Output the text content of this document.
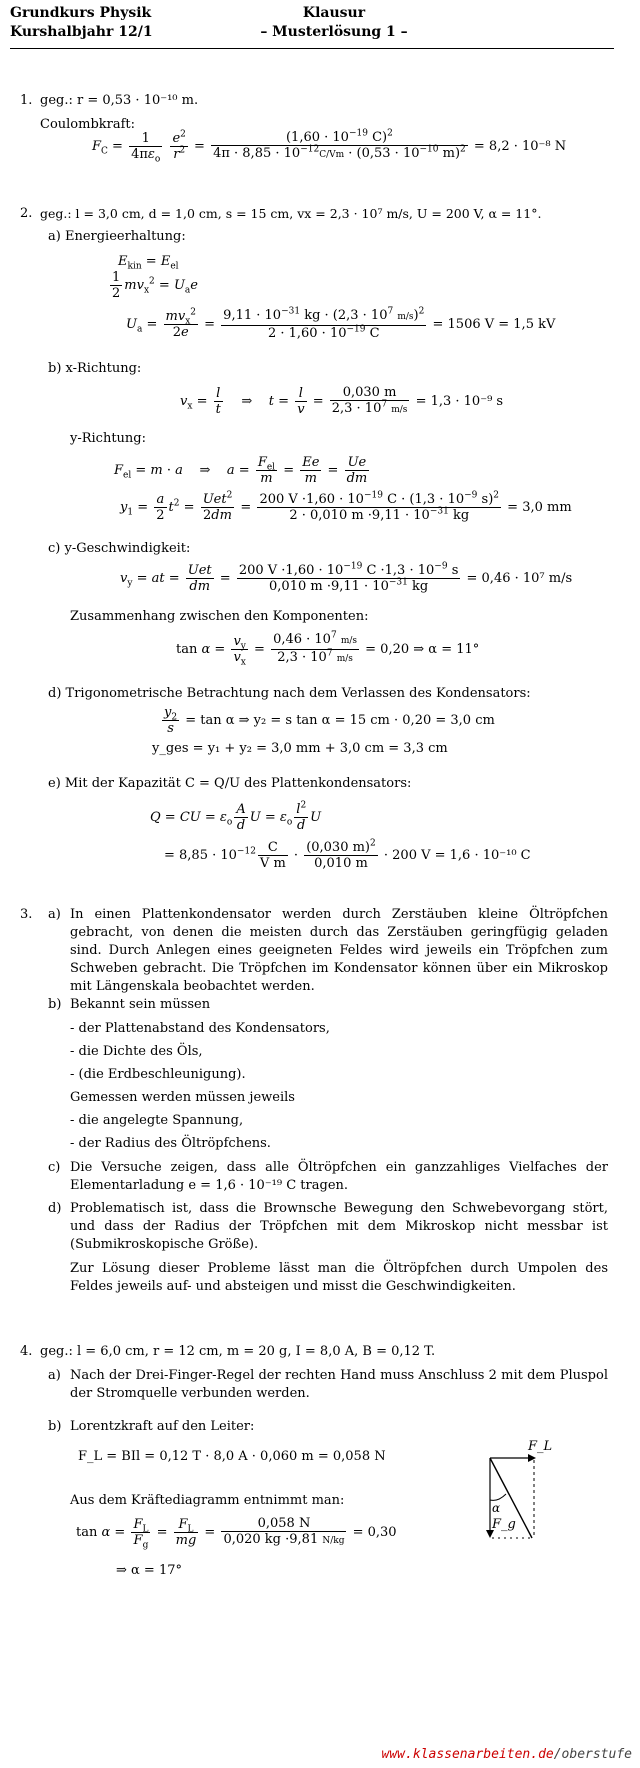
Grundkurs Physik
Kurshalbjahr 12/1
Klausur
– Musterlösung 1 –
1. geg.: r = 0,53 · 10⁻¹⁰ m.
Coulombkraft:
$F_C = \frac{1}{4\pi\varepsilon_o}$
$\frac{e^2}{r^2} = \frac{(1,60 \cdot 10^{-19} C)^2}{4\pi \cdot 8,85 \cdot 10^{-12}C/Vm \cdot (0,53 \cdot 10^{-10} m)^2} = 8,2 \cdot 10^{-8}$ N
2. geg.: l = 3,0 cm, d = 1,0 cm, s = 15 cm, vx = 2,3 · 10⁷ m/s, U = 200 V, α = 11°.
a) Energieerhaltung:
$E_{kin} = E_{el}$
$\frac{1}{2} mv_x^2 = U_ae$
$U_a = \frac{mv_x^2}{2e} = \frac{9,11 \cdot 10^{-31} kg \cdot (2,3 \cdot 10^7 m/s)^2}{2 \cdot 1,60 \cdot 10^{-19} C} = 1506$ V = 1,5 kV
b) x-Richtung:
$v_x = \frac{l}{t}$ ⇒    $t = \frac{l}{v} = \frac{0,030 m}{2,3 \cdot 10^7 m/s} = 1,3 \cdot 10^{-9}$ s
y-Richtung:
$F_{el} = m \cdot a$    ⇒    $a = \frac{F_{el}}{m} = \frac{Ee}{m} = \frac{Ue}{dm}$
$y_1 = \frac{a}{2} t^2 = \frac{Uet^2}{2dm} = \frac{200 V \cdot 1,60 \cdot 10^{-19} C \cdot (1,3 \cdot 10^{-9} s)^2}{2 \cdot 0,010 m \cdot 9,11 \cdot 10^{-31} kg} = 3,0$ mm
c) y-Geschwindigkeit:
$v_y$ = at = $\frac{\text{Uet}}{dm} = \frac{200 V \cdot 1,60 \cdot 10^{-19} C \cdot 1,3 \cdot 10^{-9} s}{0,010 m \cdot 9,11 \cdot 10^{-31} kg} = 0,46 \cdot 10^7$ m/s
Zusammenhang zwischen den Komponenten:
$\tan \alpha = \frac{v_y}{v_x} = \frac{0,46 \cdot 10^7 m/s}{2,3 \cdot 10^7 m/s} = 0,20$ ⇒ α = 11°
d) Trigonometrische Betrachtung nach dem Verlassen des Kondensators:
$\frac{y_2}{s} = \tan \alpha$ ⇒ y₂ = s tan α = 15 cm · 0,20 = 3,0 cm
y_ges = y₁ + y₂ = 3,0 mm + 3,0 cm = 3,3 cm
e) Mit der Kapazität C = Q/U des Plattenkondensators:
Q = CU = $\varepsilon_o \frac{A}{d}$ $U = \varepsilon_o \frac{l^2}{d}$ U
= $8,85 \cdot 10^{-12} \frac{C}{\text{V m}} \cdot \frac{(0,030 m)^2}{0,010 m} \cdot 200$ V = 1,6 · 10⁻¹⁰ C
3. a) In einen Plattenkondensator werden durch Zerstäuben kleine Öltröpfchen gebracht, von denen die meisten durch das Zerstäuben geringfügig geladen sind. Durch Anlegen eines geeigneten Feldes wird jeweils ein Tröpfchen zum Schweben gebracht. Die Tröpfchen im Kondensator können über ein Mikroskop mit Längenskala beobachtet werden.
b) Bekannt sein müssen
- der Plattenabstand des Kondensators,
- die Dichte des Öls,
- (die Erdbeschleunigung).
Gemessen werden müssen jeweils
- die angelegte Spannung,
- der Radius des Öltröpfchens.
c) Die Versuche zeigen, dass alle Öltröpfchen ein ganzzahliges Vielfaches der Elementarladung e = 1,6 · 10⁻¹⁹ C tragen.
d) Problematisch ist, dass die Brownsche Bewegung den Schwebevorgang stört, und dass der Radius der Tröpfchen mit dem Mikroskop nicht messbar ist (Submikroskopische Größe).
Zur Lösung dieser Probleme lässt man die Öltröpfchen durch Umpolen des Feldes jeweils auf- und absteigen und misst die Geschwindigkeiten.
4. geg.: l = 6,0 cm, r = 12 cm, m = 20 g, I = 8,0 A, B = 0,12 T.
a) Nach der Drei-Finger-Regel der rechten Hand muss Anschluss 2 mit dem Pluspol der Stromquelle verbunden werden.
b) Lorentzkraft auf den Leiter:
F_L = BIl = 0,12 T · 8,0 A · 0,060 m = 0,058 N
Aus dem Kräftediagramm entnimmt man:
$\tan \alpha = \frac{F_L}{F_g} = \frac{F_L}{mg} = \frac{0,058 N}{0,020 kg \cdot 9,81 N/kg} = 0,30$
⇒ α = 17°
F_L
F_g
α
www.klassenarbeiten.de/oberstufe
